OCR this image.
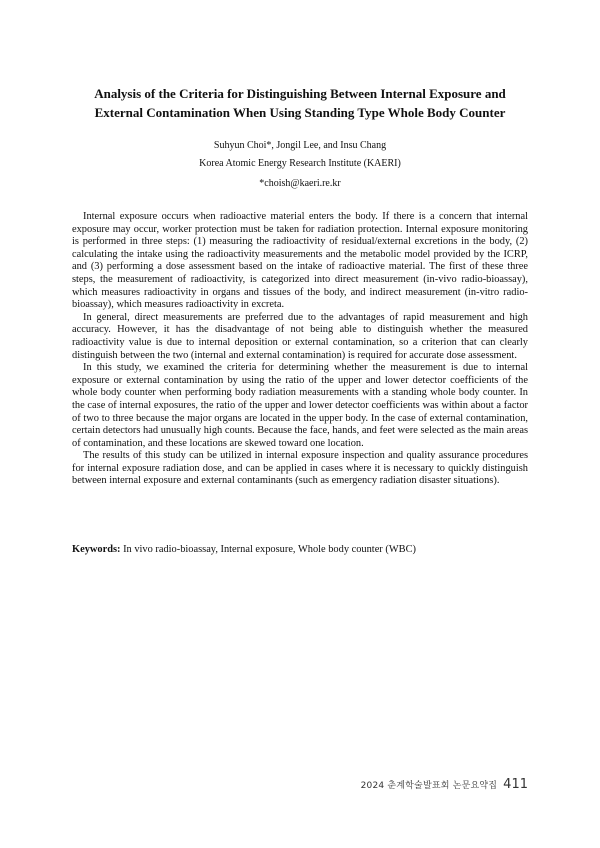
Analysis of the Criteria for Distinguishing Between Internal Exposure and
External Contamination When Using Standing Type Whole Body Counter
Suhyun Choi*, Jongil Lee, and Insu Chang
Korea Atomic Energy Research Institute (KAERI)
*choish@kaeri.re.kr

Internal exposure occurs when radioactive material enters the body. If there is a concern that internal exposure may occur, worker protection must be taken for radiation protection. Internal exposure monitoring is performed in three steps: (1) measuring the radioactivity of residual/external excretions in the body, (2) calculating the intake using the radioactivity measurements and the metabolic model provided by the ICRP, and (3) performing a dose assessment based on the intake of radioactive material. The first of these three steps, the measurement of radioactivity, is categorized into direct measurement (in-vivo radio-bioassay), which measures radioactivity in organs and tissues of the body, and indirect measurement (in-vitro radio-bioassay), which measures radioactivity in excreta.

In general, direct measurements are preferred due to the advantages of rapid measurement and high accuracy. However, it has the disadvantage of not being able to distinguish whether the measured radioactivity value is due to internal deposition or external contamination, so a criterion that can clearly distinguish between the two (internal and external contamination) is required for accurate dose assessment.

In this study, we examined the criteria for determining whether the measurement is due to internal exposure or external contamination by using the ratio of the upper and lower detector coefficients of the whole body counter when performing body radiation measurements with a standing whole body counter. In the case of internal exposures, the ratio of the upper and lower detector coefficients was within about a factor of two to three because the major organs are located in the upper body. In the case of external contamination, certain detectors had unusually high counts. Because the face, hands, and feet were selected as the main areas of contamination, and these locations are skewed toward one location.

The results of this study can be utilized in internal exposure inspection and quality assurance procedures for internal exposure radiation dose, and can be applied in cases where it is necessary to quickly distinguish between internal exposure and external contaminants (such as emergency radiation disaster situations).

Keywords: In vivo radio-bioassay, Internal exposure, Whole body counter (WBC)
2024 춘계학술발표회 논문요약집 411
